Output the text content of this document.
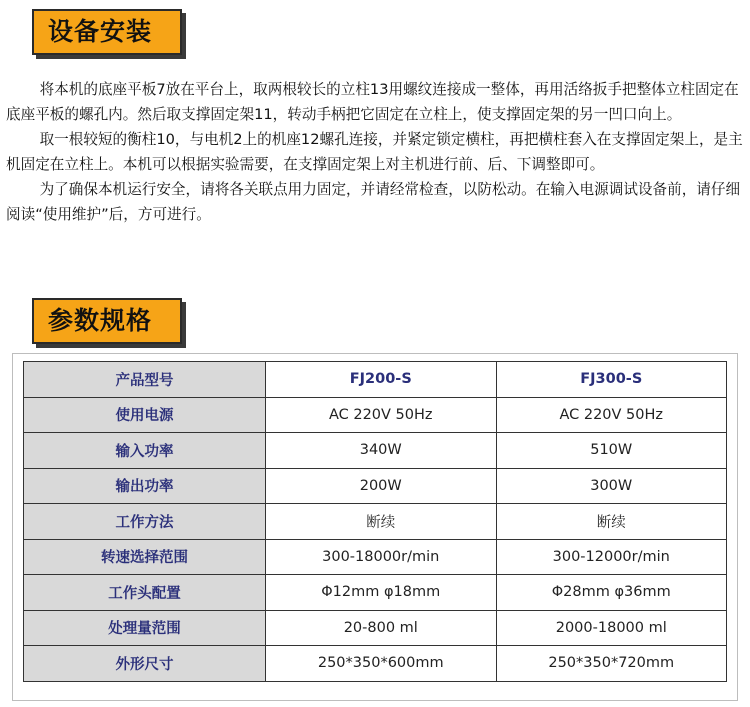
设备安装

将本机的底座平板7放在平台上，取两根较长的立柱13用螺纹连接成一整体，再用活络扳手把整体立柱固定在底座平板的螺孔内。然后取支撑固定架11，转动手柄把它固定在立柱上，使支撑固定架的另一凹口向上。

取一根较短的衡柱10，与电机2上的机座12螺孔连接，并紧定锁定横柱，再把横柱套入在支撑固定架上，是主机固定在立柱上。本机可以根据实验需要，在支撑固定架上对主机进行前、后、下调整即可。

为了确保本机运行安全，请将各关联点用力固定，并请经常检查，以防松动。在输入电源调试设备前，请仔细阅读“使用维护”后，方可进行。

参数规格
产品型号	FJ200-S	FJ300-S
使用电源	AC 220V 50Hz	AC 220V 50Hz
输入功率	340W	510W
输出功率	200W	300W
工作方法	断续	断续
转速选择范围	300-18000r/min	300-12000r/min
工作头配置	Φ12mm φ18mm	Φ28mm φ36mm
处理量范围	20-800 ml	2000-18000 ml
外形尺寸	250*350*600mm	250*350*720mm
